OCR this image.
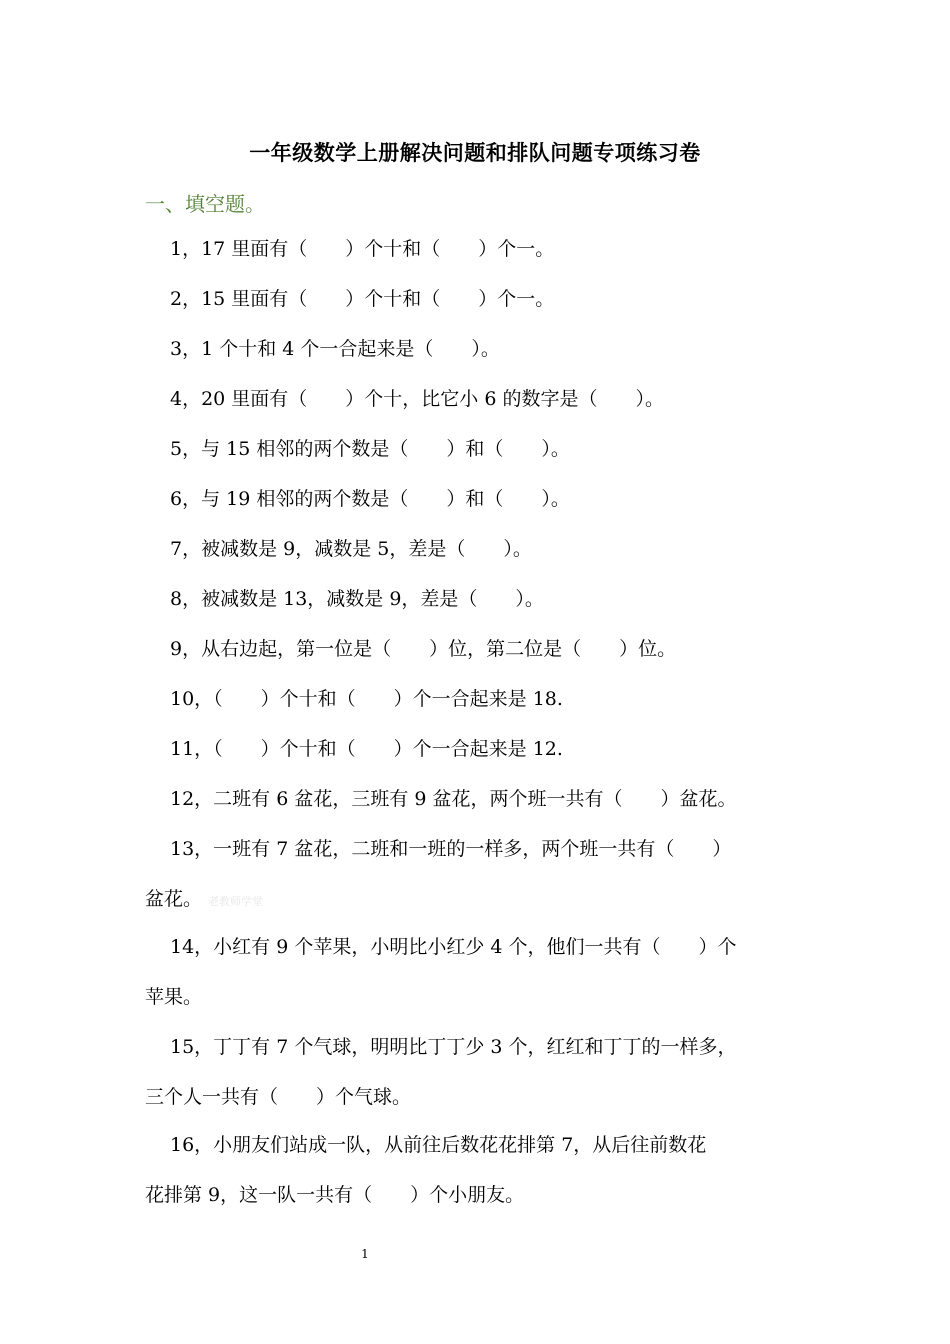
一年级数学上册解决问题和排队问题专项练习卷
一、填空题。
1，17 里面有（　　）个十和（　　）个一。
2，15 里面有（　　）个十和（　　）个一。
3，1 个十和 4 个一合起来是（　　）。
4，20 里面有（　　）个十，比它小 6 的数字是（　　）。
5，与 15 相邻的两个数是（　　）和（　　）。
6，与 19 相邻的两个数是（　　）和（　　）。
7，被减数是 9，减数是 5，差是（　　）。
8，被减数是 13，减数是 9，差是（　　）。
9，从右边起，第一位是（　　）位，第二位是（　　）位。
10，（　　）个十和（　　）个一合起来是 18.
11，（　　）个十和（　　）个一合起来是 12.
12，二班有 6 盆花，三班有 9 盆花，两个班一共有（　　）盆花。
13，一班有 7 盆花，二班和一班的一样多，两个班一共有（　　）
盆花。 老教师学堂
14，小红有 9 个苹果，小明比小红少 4 个，他们一共有（　　）个
苹果。
15，丁丁有 7 个气球，明明比丁丁少 3 个，红红和丁丁的一样多，
三个人一共有（　　）个气球。
16，小朋友们站成一队，从前往后数花花排第 7，从后往前数花
花排第 9，这一队一共有（　　）个小朋友。
1
